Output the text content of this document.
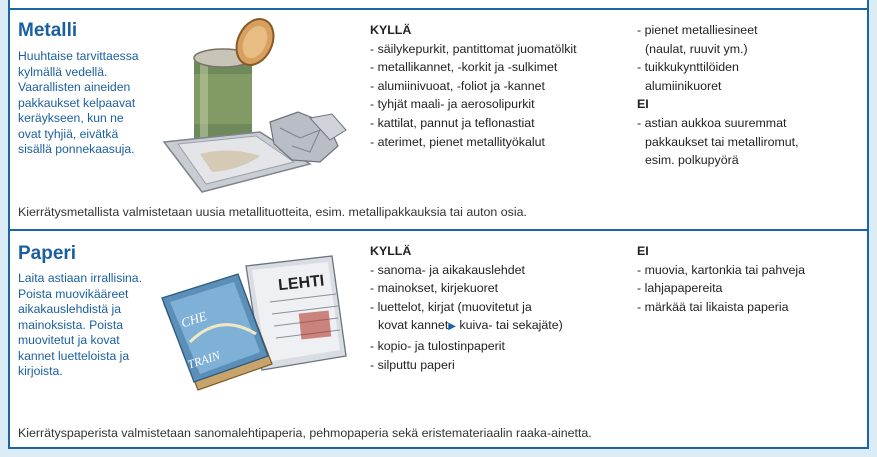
Metalli
Huuhtaise tarvittaessa
kylmällä vedellä.
Vaarallisten aineiden
pakkaukset kelpaavat
keräykseen, kun ne
ovat tyhjiä, eivätkä
sisällä ponnekaasuja.
KYLLÄ
- säilykepurkit, pantittomat juomatölkit
- metallikannet, -korkit ja -sulkimet
- alumiinivuoat, -foliot ja -kannet
- tyhjät maali- ja aerosolipurkit
- kattilat, pannut ja teflonastiat
- aterimet, pienet metallityökalut
- pienet metalliesineet
(naulat, ruuvit ym.)
- tuikkukynttilöiden
alumiinikuoret
EI
- astian aukkoa suuremmat
pakkaukset tai metalliromut,
esim. polkupyörä
Kierrätysmetallista valmistetaan uusia metallituotteita, esim. metallipakkauksia tai auton osia.
Paperi
Laita astiaan irrallisina.
Poista muovikääreet
aikakauslehdistä ja
mainoksista. Poista
muovitetut ja kovat
kannet luetteloista ja
kirjoista.
LEHTI
CHE
TRAIN
KYLLÄ
- sanoma- ja aikakauslehdet
- mainokset, kirjekuoret
- luettelot, kirjat (muovitetut ja
kovat kannet▶ kuiva- tai sekajäte)
- kopio- ja tulostinpaperit
- silputtu paperi
EI
- muovia, kartonkia tai pahveja
- lahjapapereita
- märkää tai likaista paperia
Kierrätyspaperista valmistetaan sanomalehtipaperia, pehmopaperia sekä eristemateriaalin raaka-ainetta.
